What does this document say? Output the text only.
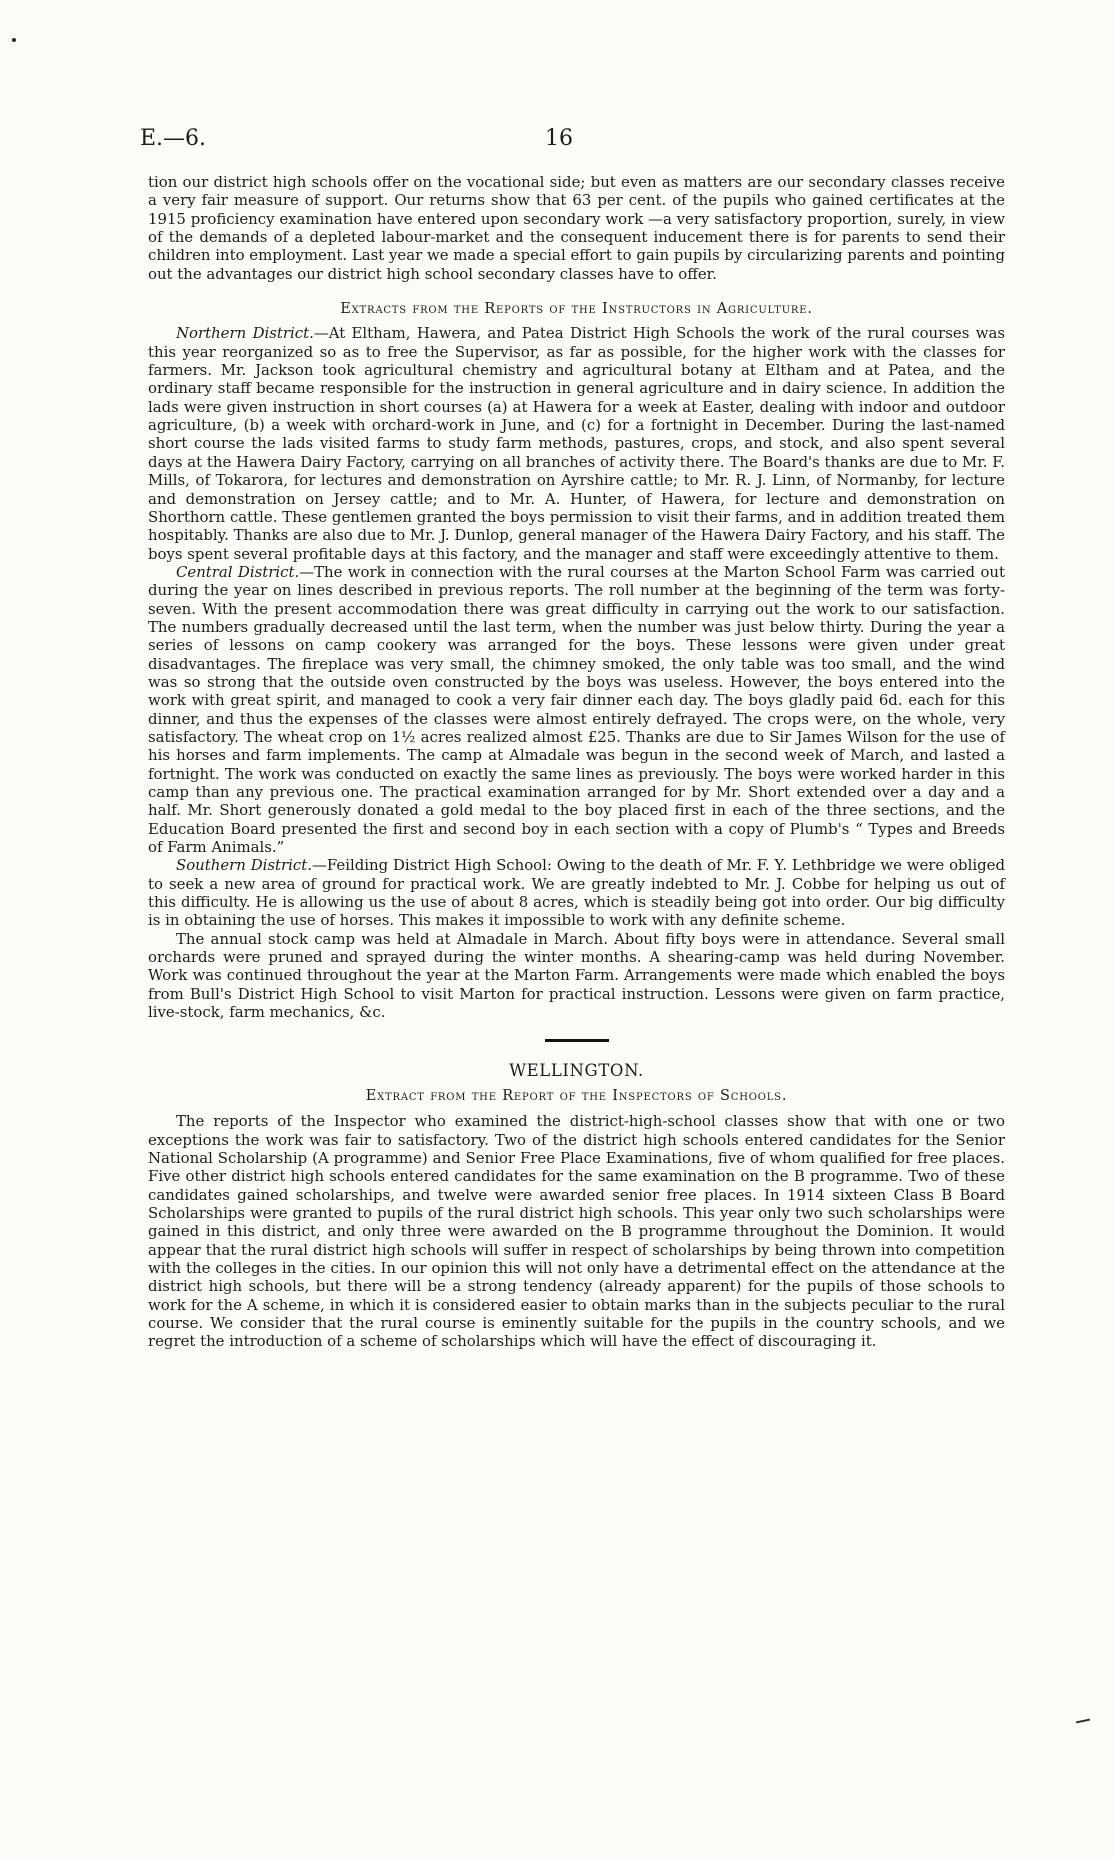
E.—6.	16

tion our district high schools offer on the vocational side; but even as matters are our secondary classes receive a very fair measure of support. Our returns show that 63 per cent. of the pupils who gained certificates at the 1915 proficiency examination have entered upon secondary work —a very satisfactory proportion, surely, in view of the demands of a depleted labour-market and the consequent inducement there is for parents to send their children into employment. Last year we made a special effort to gain pupils by circularizing parents and pointing out the advantages our district high school secondary classes have to offer.

Extracts from the Reports of the Instructors in Agriculture.

Northern District.—At Eltham, Hawera, and Patea District High Schools the work of the rural courses was this year reorganized so as to free the Supervisor, as far as possible, for the higher work with the classes for farmers. Mr. Jackson took agricultural chemistry and agricultural botany at Eltham and at Patea, and the ordinary staff became responsible for the instruction in general agriculture and in dairy science. In addition the lads were given instruction in short courses (a) at Hawera for a week at Easter, dealing with indoor and outdoor agriculture, (b) a week with orchard-work in June, and (c) for a fortnight in December. During the last-named short course the lads visited farms to study farm methods, pastures, crops, and stock, and also spent several days at the Hawera Dairy Factory, carrying on all branches of activity there. The Board's thanks are due to Mr. F. Mills, of Tokarora, for lectures and demonstration on Ayrshire cattle; to Mr. R. J. Linn, of Normanby, for lecture and demonstration on Jersey cattle; and to Mr. A. Hunter, of Hawera, for lecture and demonstration on Shorthorn cattle. These gentlemen granted the boys permission to visit their farms, and in addition treated them hospitably. Thanks are also due to Mr. J. Dunlop, general manager of the Hawera Dairy Factory, and his staff. The boys spent several profitable days at this factory, and the manager and staff were exceedingly attentive to them.

Central District.—The work in connection with the rural courses at the Marton School Farm was carried out during the year on lines described in previous reports. The roll number at the beginning of the term was forty-seven. With the present accommodation there was great difficulty in carrying out the work to our satisfaction. The numbers gradually decreased until the last term, when the number was just below thirty. During the year a series of lessons on camp cookery was arranged for the boys. These lessons were given under great disadvantages. The fireplace was very small, the chimney smoked, the only table was too small, and the wind was so strong that the outside oven constructed by the boys was useless. However, the boys entered into the work with great spirit, and managed to cook a very fair dinner each day. The boys gladly paid 6d. each for this dinner, and thus the expenses of the classes were almost entirely defrayed. The crops were, on the whole, very satisfactory. The wheat crop on 1½ acres realized almost £25. Thanks are due to Sir James Wilson for the use of his horses and farm implements. The camp at Almadale was begun in the second week of March, and lasted a fortnight. The work was conducted on exactly the same lines as previously. The boys were worked harder in this camp than any previous one. The practical examination arranged for by Mr. Short extended over a day and a half. Mr. Short generously donated a gold medal to the boy placed first in each of the three sections, and the Education Board presented the first and second boy in each section with a copy of Plumb's “ Types and Breeds of Farm Animals.”

Southern District.—Feilding District High School: Owing to the death of Mr. F. Y. Lethbridge we were obliged to seek a new area of ground for practical work. We are greatly indebted to Mr. J. Cobbe for helping us out of this difficulty. He is allowing us the use of about 8 acres, which is steadily being got into order. Our big difficulty is in obtaining the use of horses. This makes it impossible to work with any definite scheme.

The annual stock camp was held at Almadale in March. About fifty boys were in attendance. Several small orchards were pruned and sprayed during the winter months. A shearing-camp was held during November. Work was continued throughout the year at the Marton Farm. Arrangements were made which enabled the boys from Bull's District High School to visit Marton for practical instruction. Lessons were given on farm practice, live-stock, farm mechanics, &c.

WELLINGTON.
Extract from the Report of the Inspectors of Schools.

The reports of the Inspector who examined the district-high-school classes show that with one or two exceptions the work was fair to satisfactory. Two of the district high schools entered candidates for the Senior National Scholarship (A programme) and Senior Free Place Examinations, five of whom qualified for free places. Five other district high schools entered candidates for the same examination on the B programme. Two of these candidates gained scholarships, and twelve were awarded senior free places. In 1914 sixteen Class B Board Scholarships were granted to pupils of the rural district high schools. This year only two such scholarships were gained in this district, and only three were awarded on the B programme throughout the Dominion. It would appear that the rural district high schools will suffer in respect of scholarships by being thrown into competition with the colleges in the cities. In our opinion this will not only have a detrimental effect on the attendance at the district high schools, but there will be a strong tendency (already apparent) for the pupils of those schools to work for the A scheme, in which it is considered easier to obtain marks than in the subjects peculiar to the rural course. We consider that the rural course is eminently suitable for the pupils in the country schools, and we regret the introduction of a scheme of scholarships which will have the effect of discouraging it.
